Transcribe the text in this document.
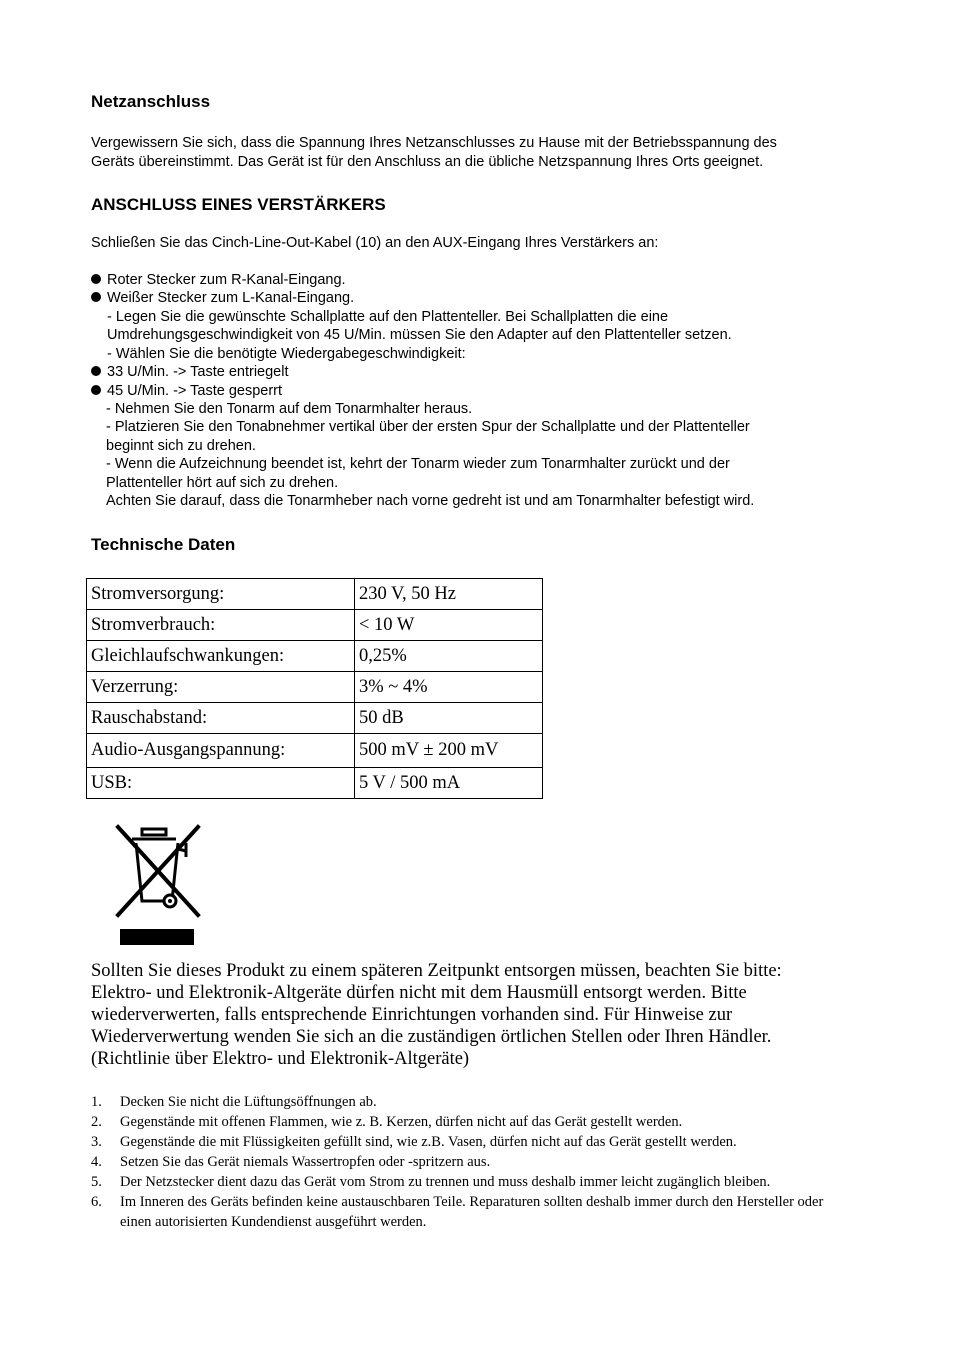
Netzanschluss
Vergewissern Sie sich, dass die Spannung Ihres Netzanschlusses zu Hause mit der Betriebsspannung des
Geräts übereinstimmt. Das Gerät ist für den Anschluss an die übliche Netzspannung Ihres Orts geeignet.
ANSCHLUSS EINES VERSTÄRKERS
Schließen Sie das Cinch-Line-Out-Kabel (10) an den AUX-Eingang Ihres Verstärkers an:
Roter Stecker zum R-Kanal-Eingang.
Weißer Stecker zum L-Kanal-Eingang.
- Legen Sie die gewünschte Schallplatte auf den Plattenteller. Bei Schallplatten die eine
Umdrehungsgeschwindigkeit von 45 U/Min. müssen Sie den Adapter auf den Plattenteller setzen.
- Wählen Sie die benötigte Wiedergabegeschwindigkeit:
33 U/Min. -> Taste entriegelt
45 U/Min. -> Taste gesperrt
- Nehmen Sie den Tonarm auf dem Tonarmhalter heraus.
- Platzieren Sie den Tonabnehmer vertikal über der ersten Spur der Schallplatte und der Plattenteller
beginnt sich zu drehen.
- Wenn die Aufzeichnung beendet ist, kehrt der Tonarm wieder zum Tonarmhalter zurückt und der
Plattenteller hört auf sich zu drehen.
Achten Sie darauf, dass die Tonarmheber nach vorne gedreht ist und am Tonarmhalter befestigt wird.
Technische Daten
Stromversorgung:	230 V, 50 Hz
Stromverbrauch:	< 10 W
Gleichlaufschwankungen:	0,25%
Verzerrung:	3% ~ 4%
Rauschabstand:	50 dB
Audio-Ausgangspannung:	500 mV ± 200 mV
USB:	5 V / 500 mA
Sollten Sie dieses Produkt zu einem späteren Zeitpunkt entsorgen müssen, beachten Sie bitte:
Elektro- und Elektronik-Altgeräte dürfen nicht mit dem Hausmüll entsorgt werden. Bitte
wiederverwerten, falls entsprechende Einrichtungen vorhanden sind. Für Hinweise zur
Wiederverwertung wenden Sie sich an die zuständigen örtlichen Stellen oder Ihren Händler.
(Richtlinie über Elektro- und Elektronik-Altgeräte)
1. Decken Sie nicht die Lüftungsöffnungen ab.
2. Gegenstände mit offenen Flammen, wie z. B. Kerzen, dürfen nicht auf das Gerät gestellt werden.
3. Gegenstände die mit Flüssigkeiten gefüllt sind, wie z.B. Vasen, dürfen nicht auf das Gerät gestellt werden.
4. Setzen Sie das Gerät niemals Wassertropfen oder -spritzern aus.
5. Der Netzstecker dient dazu das Gerät vom Strom zu trennen und muss deshalb immer leicht zugänglich bleiben.
6. Im Inneren des Geräts befinden keine austauschbaren Teile. Reparaturen sollten deshalb immer durch den Hersteller oder einen autorisierten Kundendienst ausgeführt werden.
